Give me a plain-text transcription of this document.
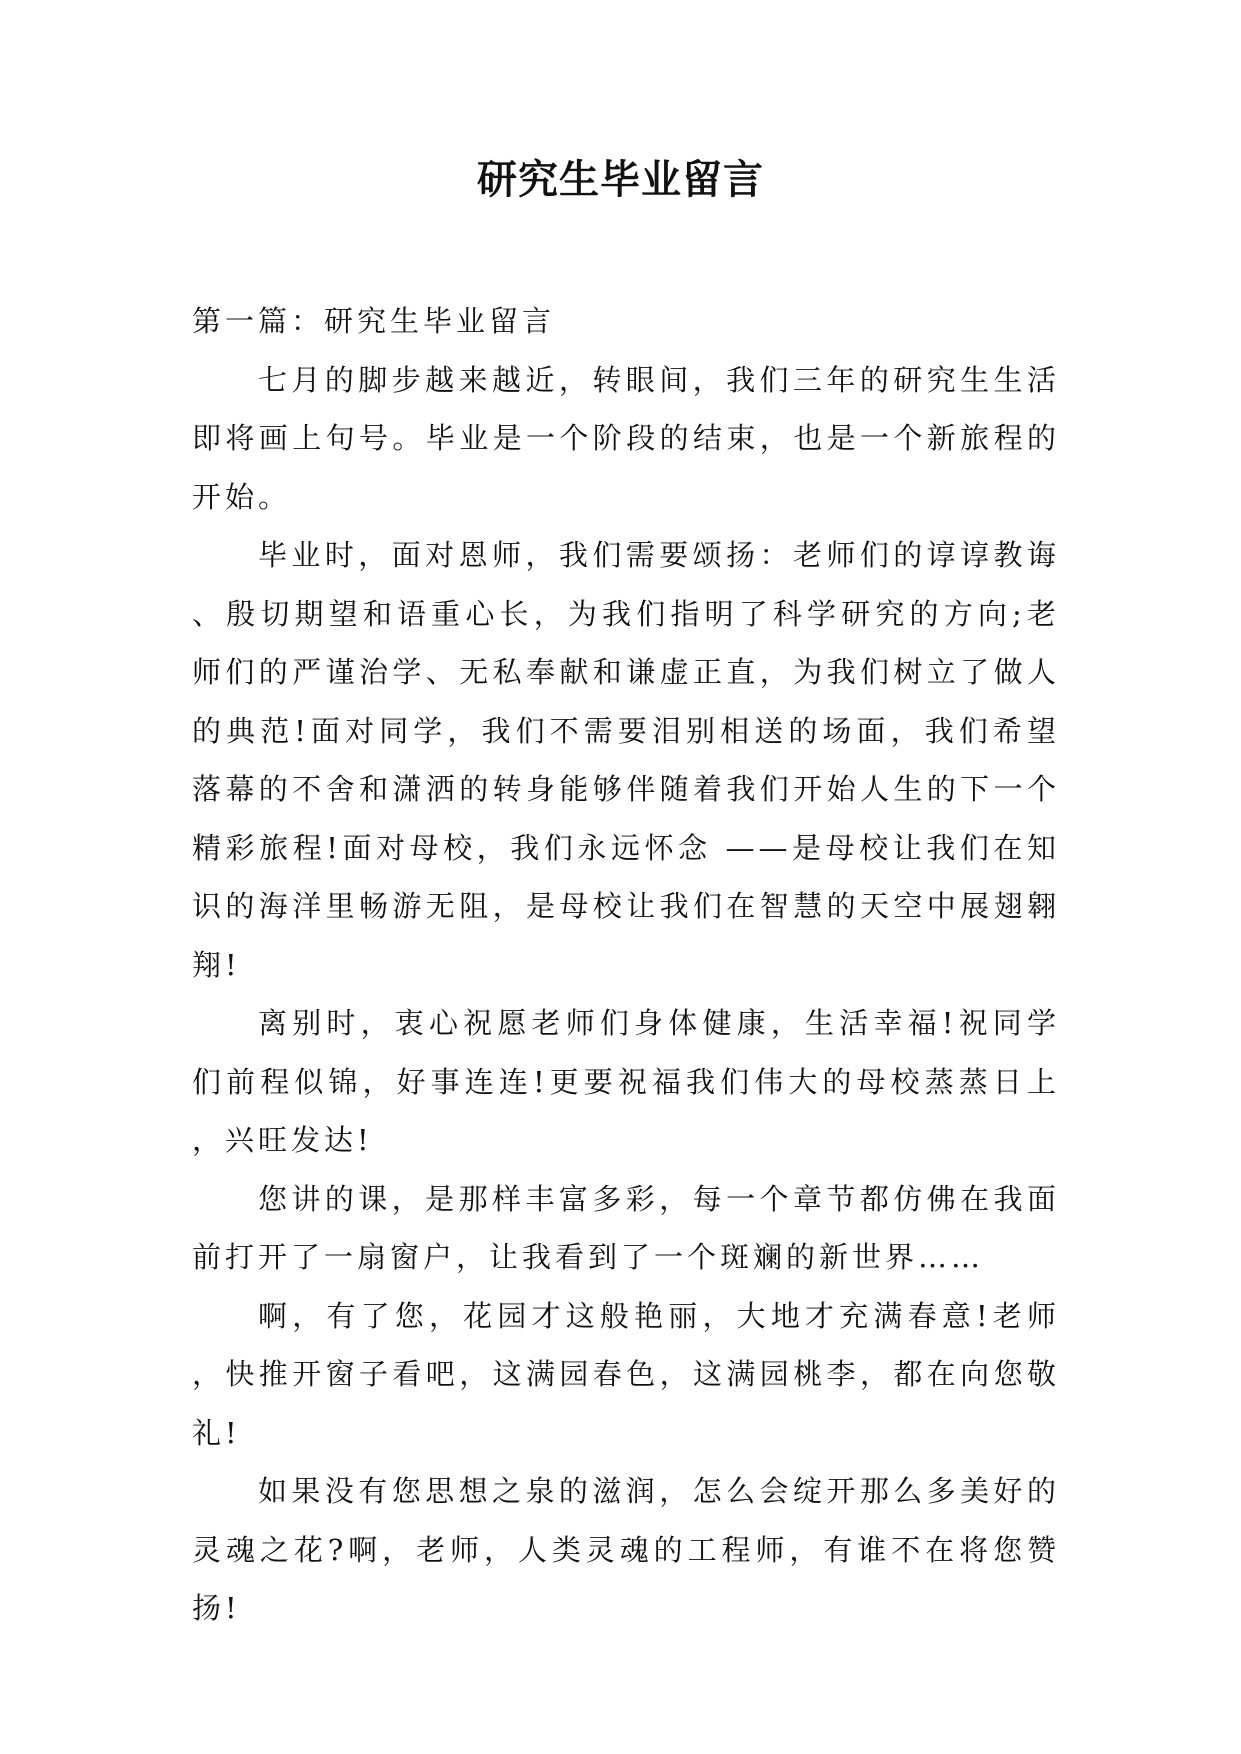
研究生毕业留言
第一篇：研究生毕业留言

七月的脚步越来越近，转眼间，我们三年的研究生生活即将画上句号。毕业是一个阶段的结束，也是一个新旅程的开始。

毕业时，面对恩师，我们需要颂扬：老师们的谆谆教诲、殷切期望和语重心长，为我们指明了科学研究的方向;老师们的严谨治学、无私奉献和谦虚正直，为我们树立了做人的典范!面对同学，我们不需要泪别相送的场面，我们希望落幕的不舍和潇洒的转身能够伴随着我们开始人生的下一个精彩旅程!面对母校，我们永远怀念 ——是母校让我们在知识的海洋里畅游无阻，是母校让我们在智慧的天空中展翅翱翔!

离别时，衷心祝愿老师们身体健康，生活幸福!祝同学们前程似锦，好事连连!更要祝福我们伟大的母校蒸蒸日上，兴旺发达!

您讲的课，是那样丰富多彩，每一个章节都仿佛在我面前打开了一扇窗户，让我看到了一个斑斓的新世界……

啊，有了您，花园才这般艳丽，大地才充满春意!老师，快推开窗子看吧，这满园春色，这满园桃李，都在向您敬礼!

如果没有您思想之泉的滋润，怎么会绽开那么多美好的灵魂之花?啊，老师，人类灵魂的工程师，有谁不在将您赞扬!
